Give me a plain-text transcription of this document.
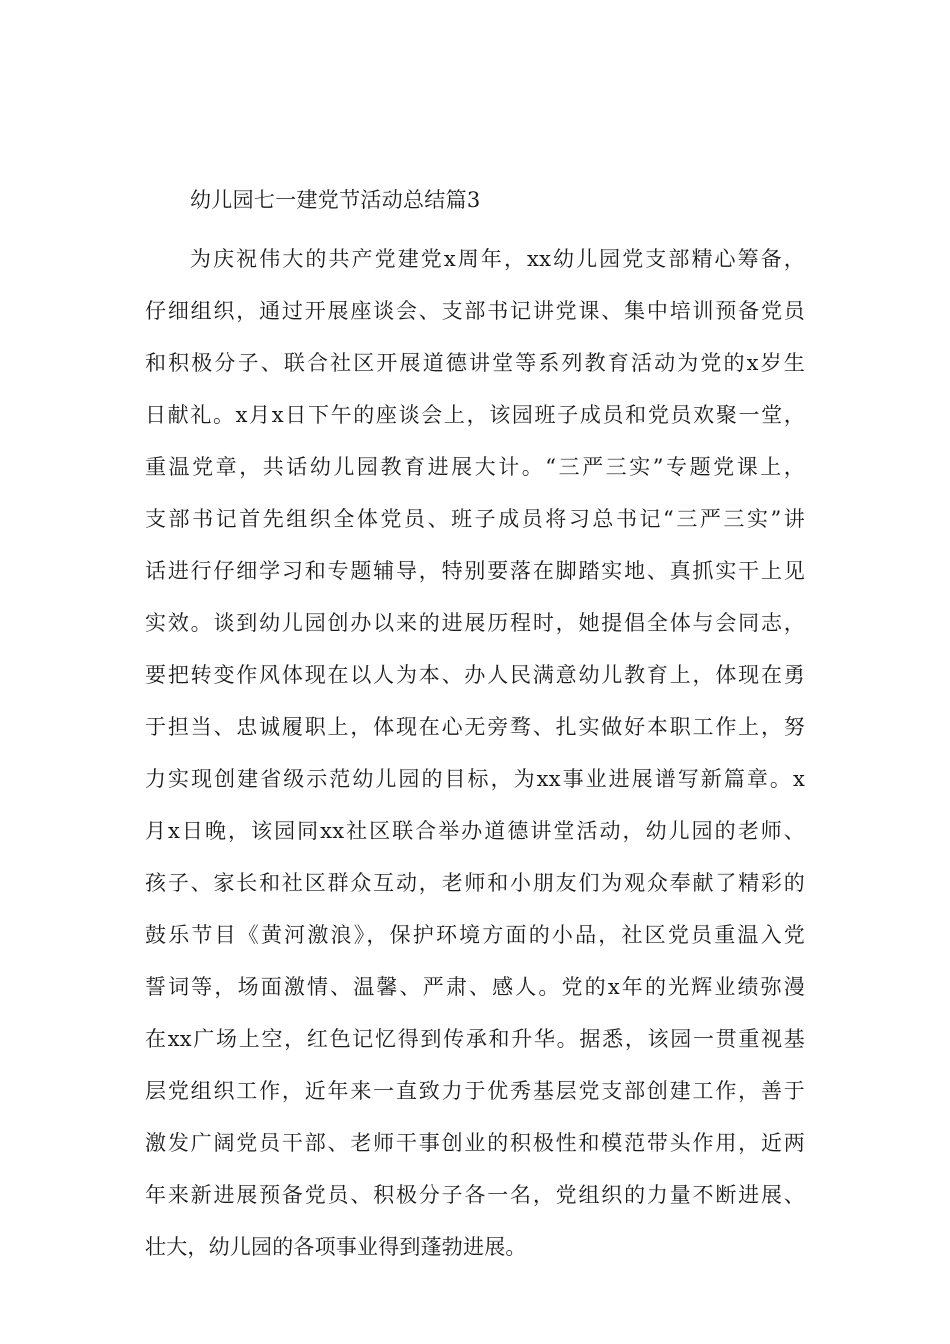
幼儿园七一建党节活动总结篇3
为庆祝伟大的共产党建党x周年，xx幼儿园党支部精心筹备，
仔细组织，通过开展座谈会、支部书记讲党课、集中培训预备党员
和积极分子、联合社区开展道德讲堂等系列教育活动为党的x岁生
日献礼。x月x日下午的座谈会上，该园班子成员和党员欢聚一堂，
重温党章，共话幼儿园教育进展大计。“三严三实”专题党课上，
支部书记首先组织全体党员、班子成员将习总书记“三严三实”讲
话进行仔细学习和专题辅导，特别要落在脚踏实地、真抓实干上见
实效。谈到幼儿园创办以来的进展历程时，她提倡全体与会同志，
要把转变作风体现在以人为本、办人民满意幼儿教育上，体现在勇
于担当、忠诚履职上，体现在心无旁骛、扎实做好本职工作上，努
力实现创建省级示范幼儿园的目标，为xx事业进展谱写新篇章。x
月x日晚，该园同xx社区联合举办道德讲堂活动，幼儿园的老师、
孩子、家长和社区群众互动，老师和小朋友们为观众奉献了精彩的
鼓乐节目《黄河激浪》，保护环境方面的小品，社区党员重温入党
誓词等，场面激情、温馨、严肃、感人。党的x年的光辉业绩弥漫
在xx广场上空，红色记忆得到传承和升华。据悉，该园一贯重视基
层党组织工作，近年来一直致力于优秀基层党支部创建工作，善于
激发广阔党员干部、老师干事创业的积极性和模范带头作用，近两
年来新进展预备党员、积极分子各一名，党组织的力量不断进展、
壮大，幼儿园的各项事业得到蓬勃进展。
